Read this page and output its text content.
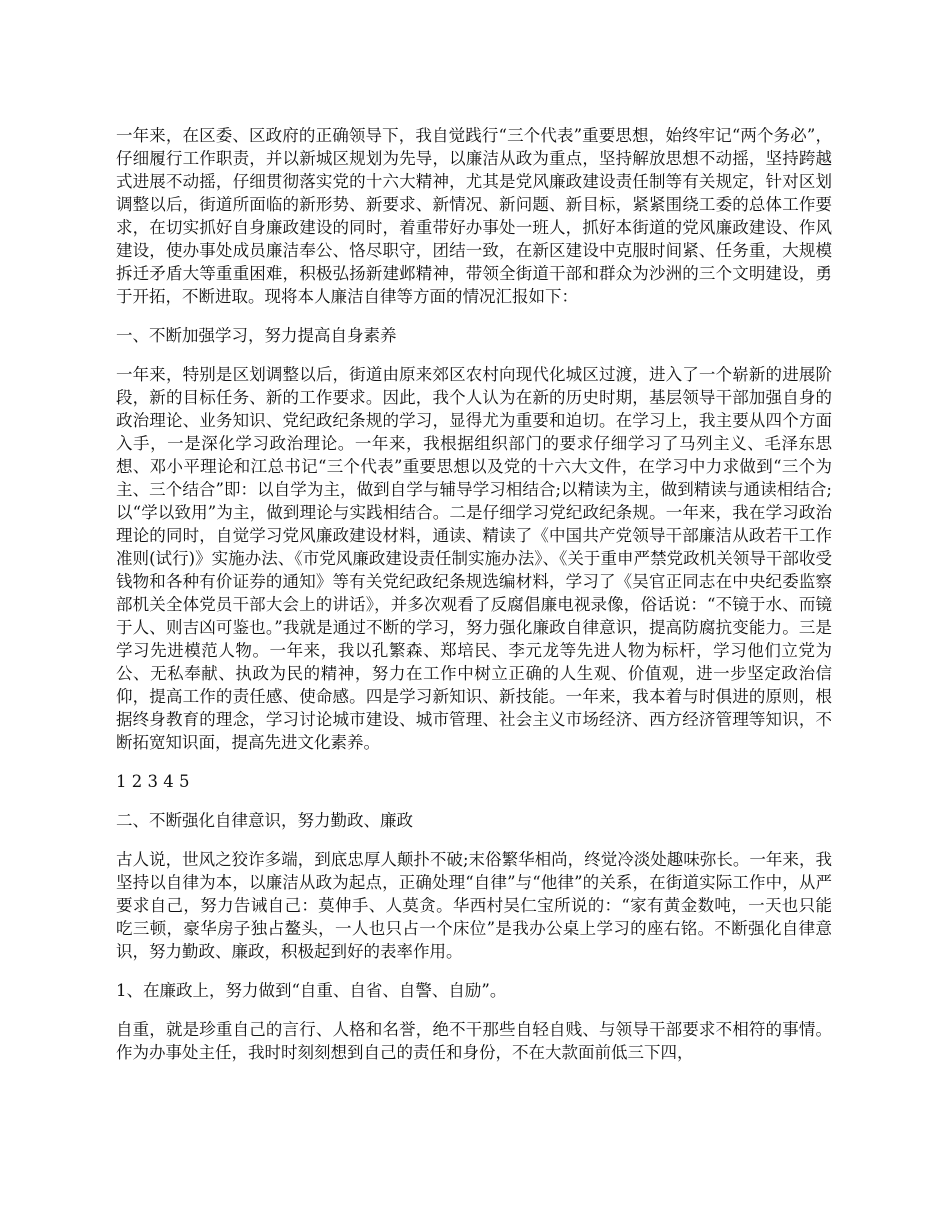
一年来，在区委、区政府的正确领导下，我自觉践行“三个代表”重要思想，始终牢记“两个务必”，仔细履行工作职责，并以新城区规划为先导，以廉洁从政为重点，坚持解放思想不动摇，坚持跨越式进展不动摇，仔细贯彻落实党的十六大精神，尤其是党风廉政建设责任制等有关规定，针对区划调整以后，街道所面临的新形势、新要求、新情况、新问题、新目标，紧紧围绕工委的总体工作要求，在切实抓好自身廉政建设的同时，着重带好办事处一班人，抓好本街道的党风廉政建设、作风建设，使办事处成员廉洁奉公、恪尽职守，团结一致，在新区建设中克服时间紧、任务重，大规模拆迁矛盾大等重重困难，积极弘扬新建邺精神，带领全街道干部和群众为沙洲的三个文明建设，勇于开拓，不断进取。现将本人廉洁自律等方面的情况汇报如下：

一、不断加强学习，努力提高自身素养

一年来，特别是区划调整以后，街道由原来郊区农村向现代化城区过渡，进入了一个崭新的进展阶段，新的目标任务、新的工作要求。因此，我个人认为在新的历史时期，基层领导干部加强自身的政治理论、业务知识、党纪政纪条规的学习，显得尤为重要和迫切。在学习上，我主要从四个方面入手，一是深化学习政治理论。一年来，我根据组织部门的要求仔细学习了马列主义、毛泽东思想、邓小平理论和江总书记“三个代表”重要思想以及党的十六大文件，在学习中力求做到“三个为主、三个结合”即：以自学为主，做到自学与辅导学习相结合;以精读为主，做到精读与通读相结合;以“学以致用”为主，做到理论与实践相结合。二是仔细学习党纪政纪条规。一年来，我在学习政治理论的同时，自觉学习党风廉政建设材料，通读、精读了《中国共产党领导干部廉洁从政若干工作准则(试行)》实施办法、《市党风廉政建设责任制实施办法》、《关于重申严禁党政机关领导干部收受钱物和各种有价证券的通知》等有关党纪政纪条规选编材料，学习了《吴官正同志在中央纪委监察部机关全体党员干部大会上的讲话》，并多次观看了反腐倡廉电视录像，俗话说：“不镜于水、而镜于人、则吉凶可鉴也。”我就是通过不断的学习，努力强化廉政自律意识，提高防腐抗变能力。三是学习先进模范人物。一年来，我以孔繁森、郑培民、李元龙等先进人物为标杆，学习他们立党为公、无私奉献、执政为民的精神，努力在工作中树立正确的人生观、价值观，进一步坚定政治信仰，提高工作的责任感、使命感。四是学习新知识、新技能。一年来，我本着与时俱进的原则，根据终身教育的理念，学习讨论城市建设、城市管理、社会主义市场经济、西方经济管理等知识，不断拓宽知识面，提高先进文化素养。

1 2 3 4 5

二、不断强化自律意识，努力勤政、廉政

古人说，世风之狡诈多端，到底忠厚人颠扑不破;末俗繁华相尚，终觉冷淡处趣味弥长。一年来，我坚持以自律为本，以廉洁从政为起点，正确处理“自律”与“他律”的关系，在街道实际工作中，从严要求自己，努力告诫自己：莫伸手、人莫贪。华西村吴仁宝所说的：“家有黄金数吨，一天也只能吃三顿，豪华房子独占鳌头，一人也只占一个床位”是我办公桌上学习的座右铭。不断强化自律意识，努力勤政、廉政，积极起到好的表率作用。

1、在廉政上，努力做到“自重、自省、自警、自励”。

自重，就是珍重自己的言行、人格和名誉，绝不干那些自轻自贱、与领导干部要求不相符的事情。作为办事处主任，我时时刻刻想到自己的责任和身份，不在大款面前低三下四，
